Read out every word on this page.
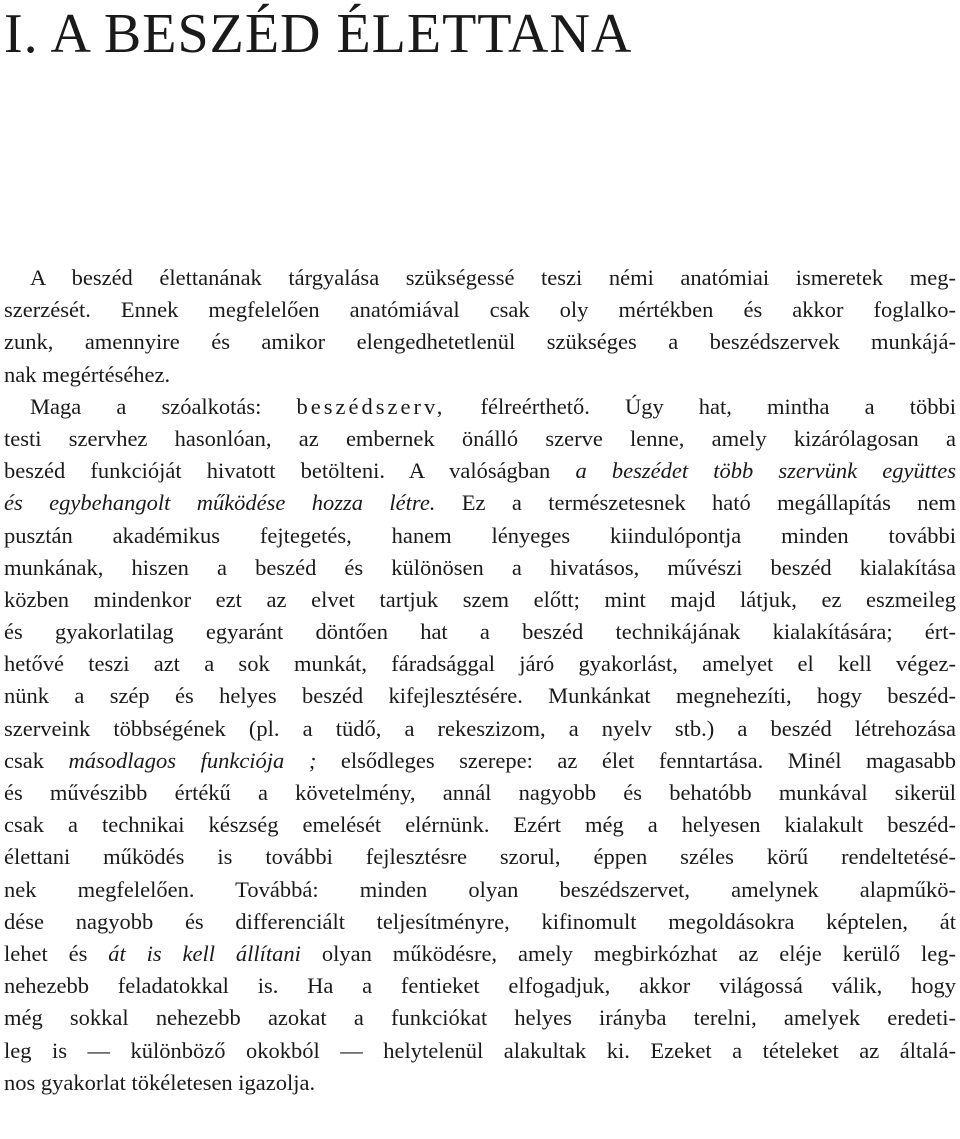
I. A BESZÉD ÉLETTANA
A beszéd élettanának tárgyalása szükségessé teszi némi anatómiai ismeretek meg-
szerzését. Ennek megfelelően anatómiával csak oly mértékben és akkor foglalko-
zunk, amennyire és amikor elengedhetetlenül szükséges a beszédszervek munkájá-
nak megértéséhez.
Maga a szóalkotás: beszédszerv, félreérthető. Úgy hat, mintha a többi
testi szervhez hasonlóan, az embernek önálló szerve lenne, amely kizárólagosan a
beszéd funkcióját hivatott betölteni. A valóságban a beszédet több szervünk együttes
és egybehangolt működése hozza létre. Ez a természetesnek ható megállapítás nem
pusztán akadémikus fejtegetés, hanem lényeges kiindulópontja minden további
munkának, hiszen a beszéd és különösen a hivatásos, művészi beszéd kialakítása
közben mindenkor ezt az elvet tartjuk szem előtt; mint majd látjuk, ez eszmeileg
és gyakorlatilag egyaránt döntően hat a beszéd technikájának kialakítására; ért-
hetővé teszi azt a sok munkát, fáradsággal járó gyakorlást, amelyet el kell végez-
nünk a szép és helyes beszéd kifejlesztésére. Munkánkat megnehezíti, hogy beszéd-
szerveink többségének (pl. a tüdő, a rekeszizom, a nyelv stb.) a beszéd létrehozása
csak másodlagos funkciója ; elsődleges szerepe: az élet fenntartása. Minél magasabb
és művészibb értékű a követelmény, annál nagyobb és behatóbb munkával sikerül
csak a technikai készség emelését elérnünk. Ezért még a helyesen kialakult beszéd-
élettani működés is további fejlesztésre szorul, éppen széles körű rendeltetésé-
nek megfelelően. Továbbá: minden olyan beszédszervet, amelynek alapműkö-
dése nagyobb és differenciált teljesítményre, kifinomult megoldásokra képtelen, át
lehet és át is kell állítani olyan működésre, amely megbirkózhat az eléje kerülő leg-
nehezebb feladatokkal is. Ha a fentieket elfogadjuk, akkor világossá válik, hogy
még sokkal nehezebb azokat a funkciókat helyes irányba terelni, amelyek eredeti-
leg is — különböző okokból — helytelenül alakultak ki. Ezeket a tételeket az általá-
nos gyakorlat tökéletesen igazolja.
